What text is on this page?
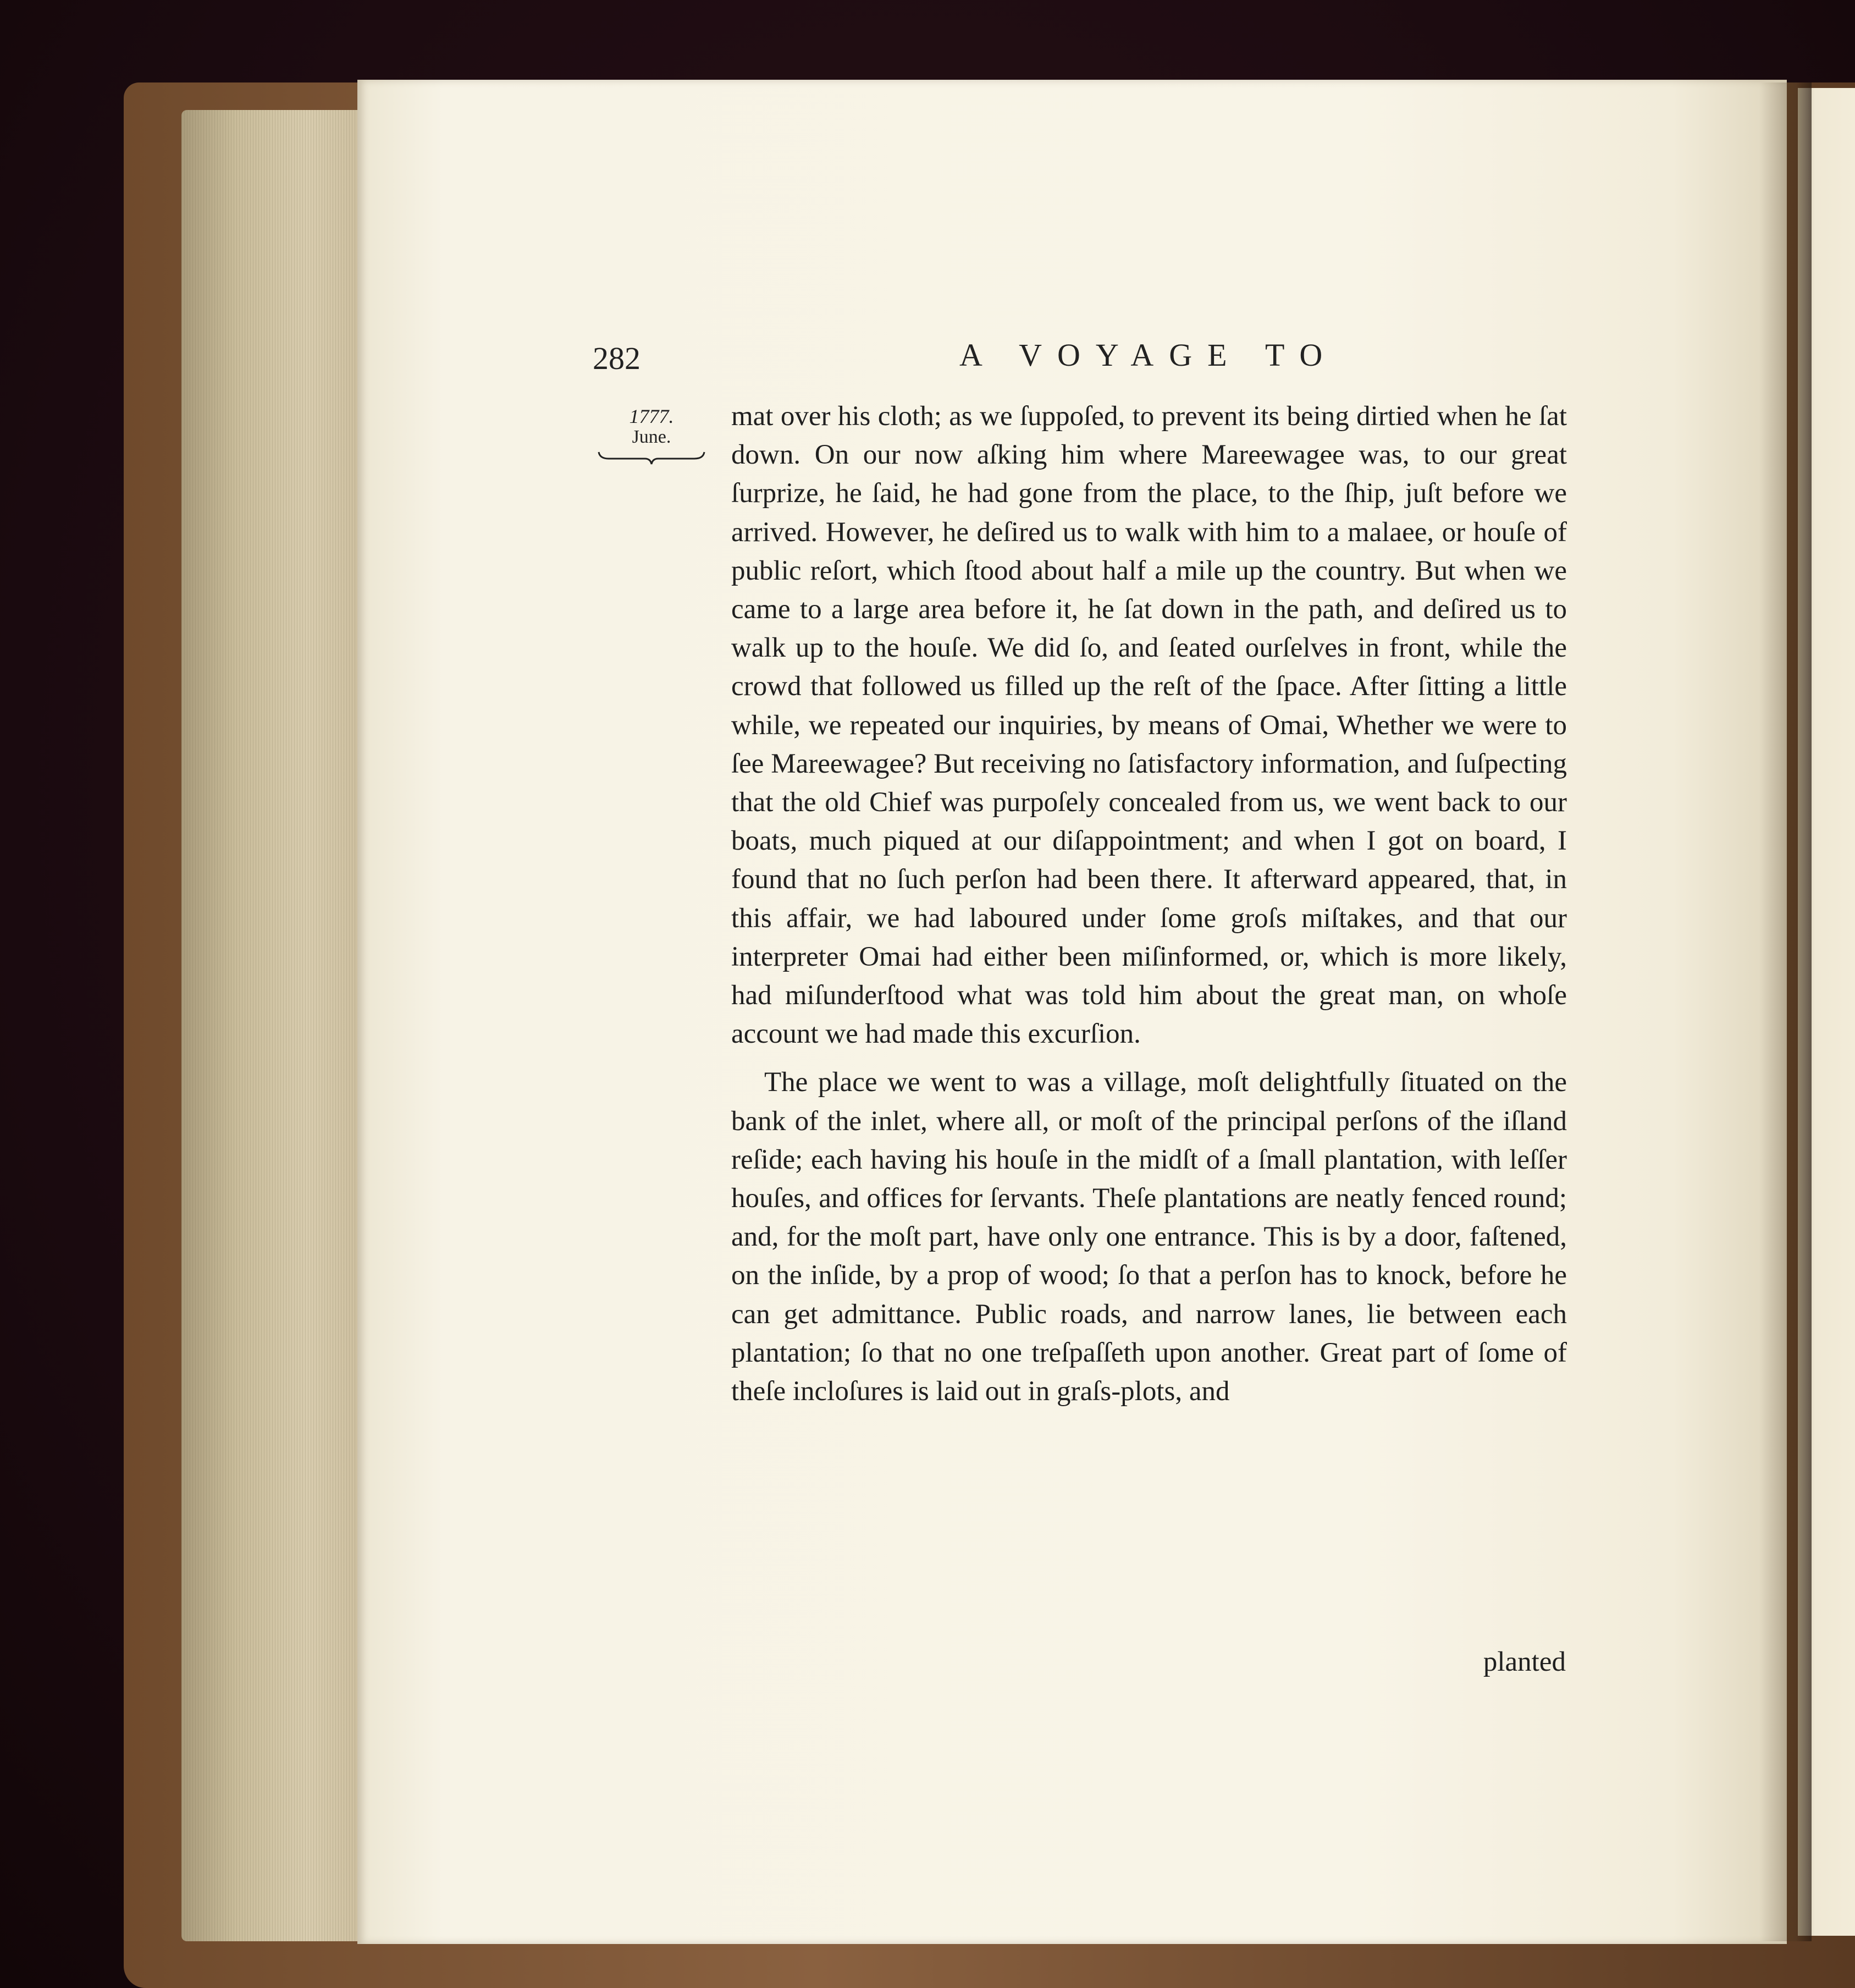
282	A VOYAGE TO
1777.
June.

mat over his cloth; as we ſuppoſed, to prevent its being dirtied when he ſat down. On our now aſking him where Mareewagee was, to our great ſurprize, he ſaid, he had gone from the place, to the ſhip, juſt before we arrived. However, he deſired us to walk with him to a malaee, or houſe of public reſort, which ſtood about half a mile up the country. But when we came to a large area before it, he ſat down in the path, and deſired us to walk up to the houſe. We did ſo, and ſeated ourſelves in front, while the crowd that followed us filled up the reſt of the ſpace. After ſitting a little while, we repeated our inquiries, by means of Omai, Whether we were to ſee Mareewagee? But receiving no ſatisfactory information, and ſuſpecting that the old Chief was purpoſely concealed from us, we went back to our boats, much piqued at our diſappointment; and when I got on board, I found that no ſuch perſon had been there. It afterward appeared, that, in this affair, we had laboured under ſome groſs miſtakes, and that our interpreter Omai had either been miſinformed, or, which is more likely, had miſunderſtood what was told him about the great man, on whoſe account we had made this excurſion.

The place we went to was a village, moſt delightfully ſituated on the bank of the inlet, where all, or moſt of the principal perſons of the iſland reſide; each having his houſe in the midſt of a ſmall plantation, with leſſer houſes, and offices for ſervants. Theſe plantations are neatly fenced round; and, for the moſt part, have only one entrance. This is by a door, faſtened, on the inſide, by a prop of wood; ſo that a perſon has to knock, before he can get admittance. Public roads, and narrow lanes, lie between each plantation; ſo that no one treſpaſſeth upon another. Great part of ſome of theſe incloſures is laid out in graſs-plots, and

planted
